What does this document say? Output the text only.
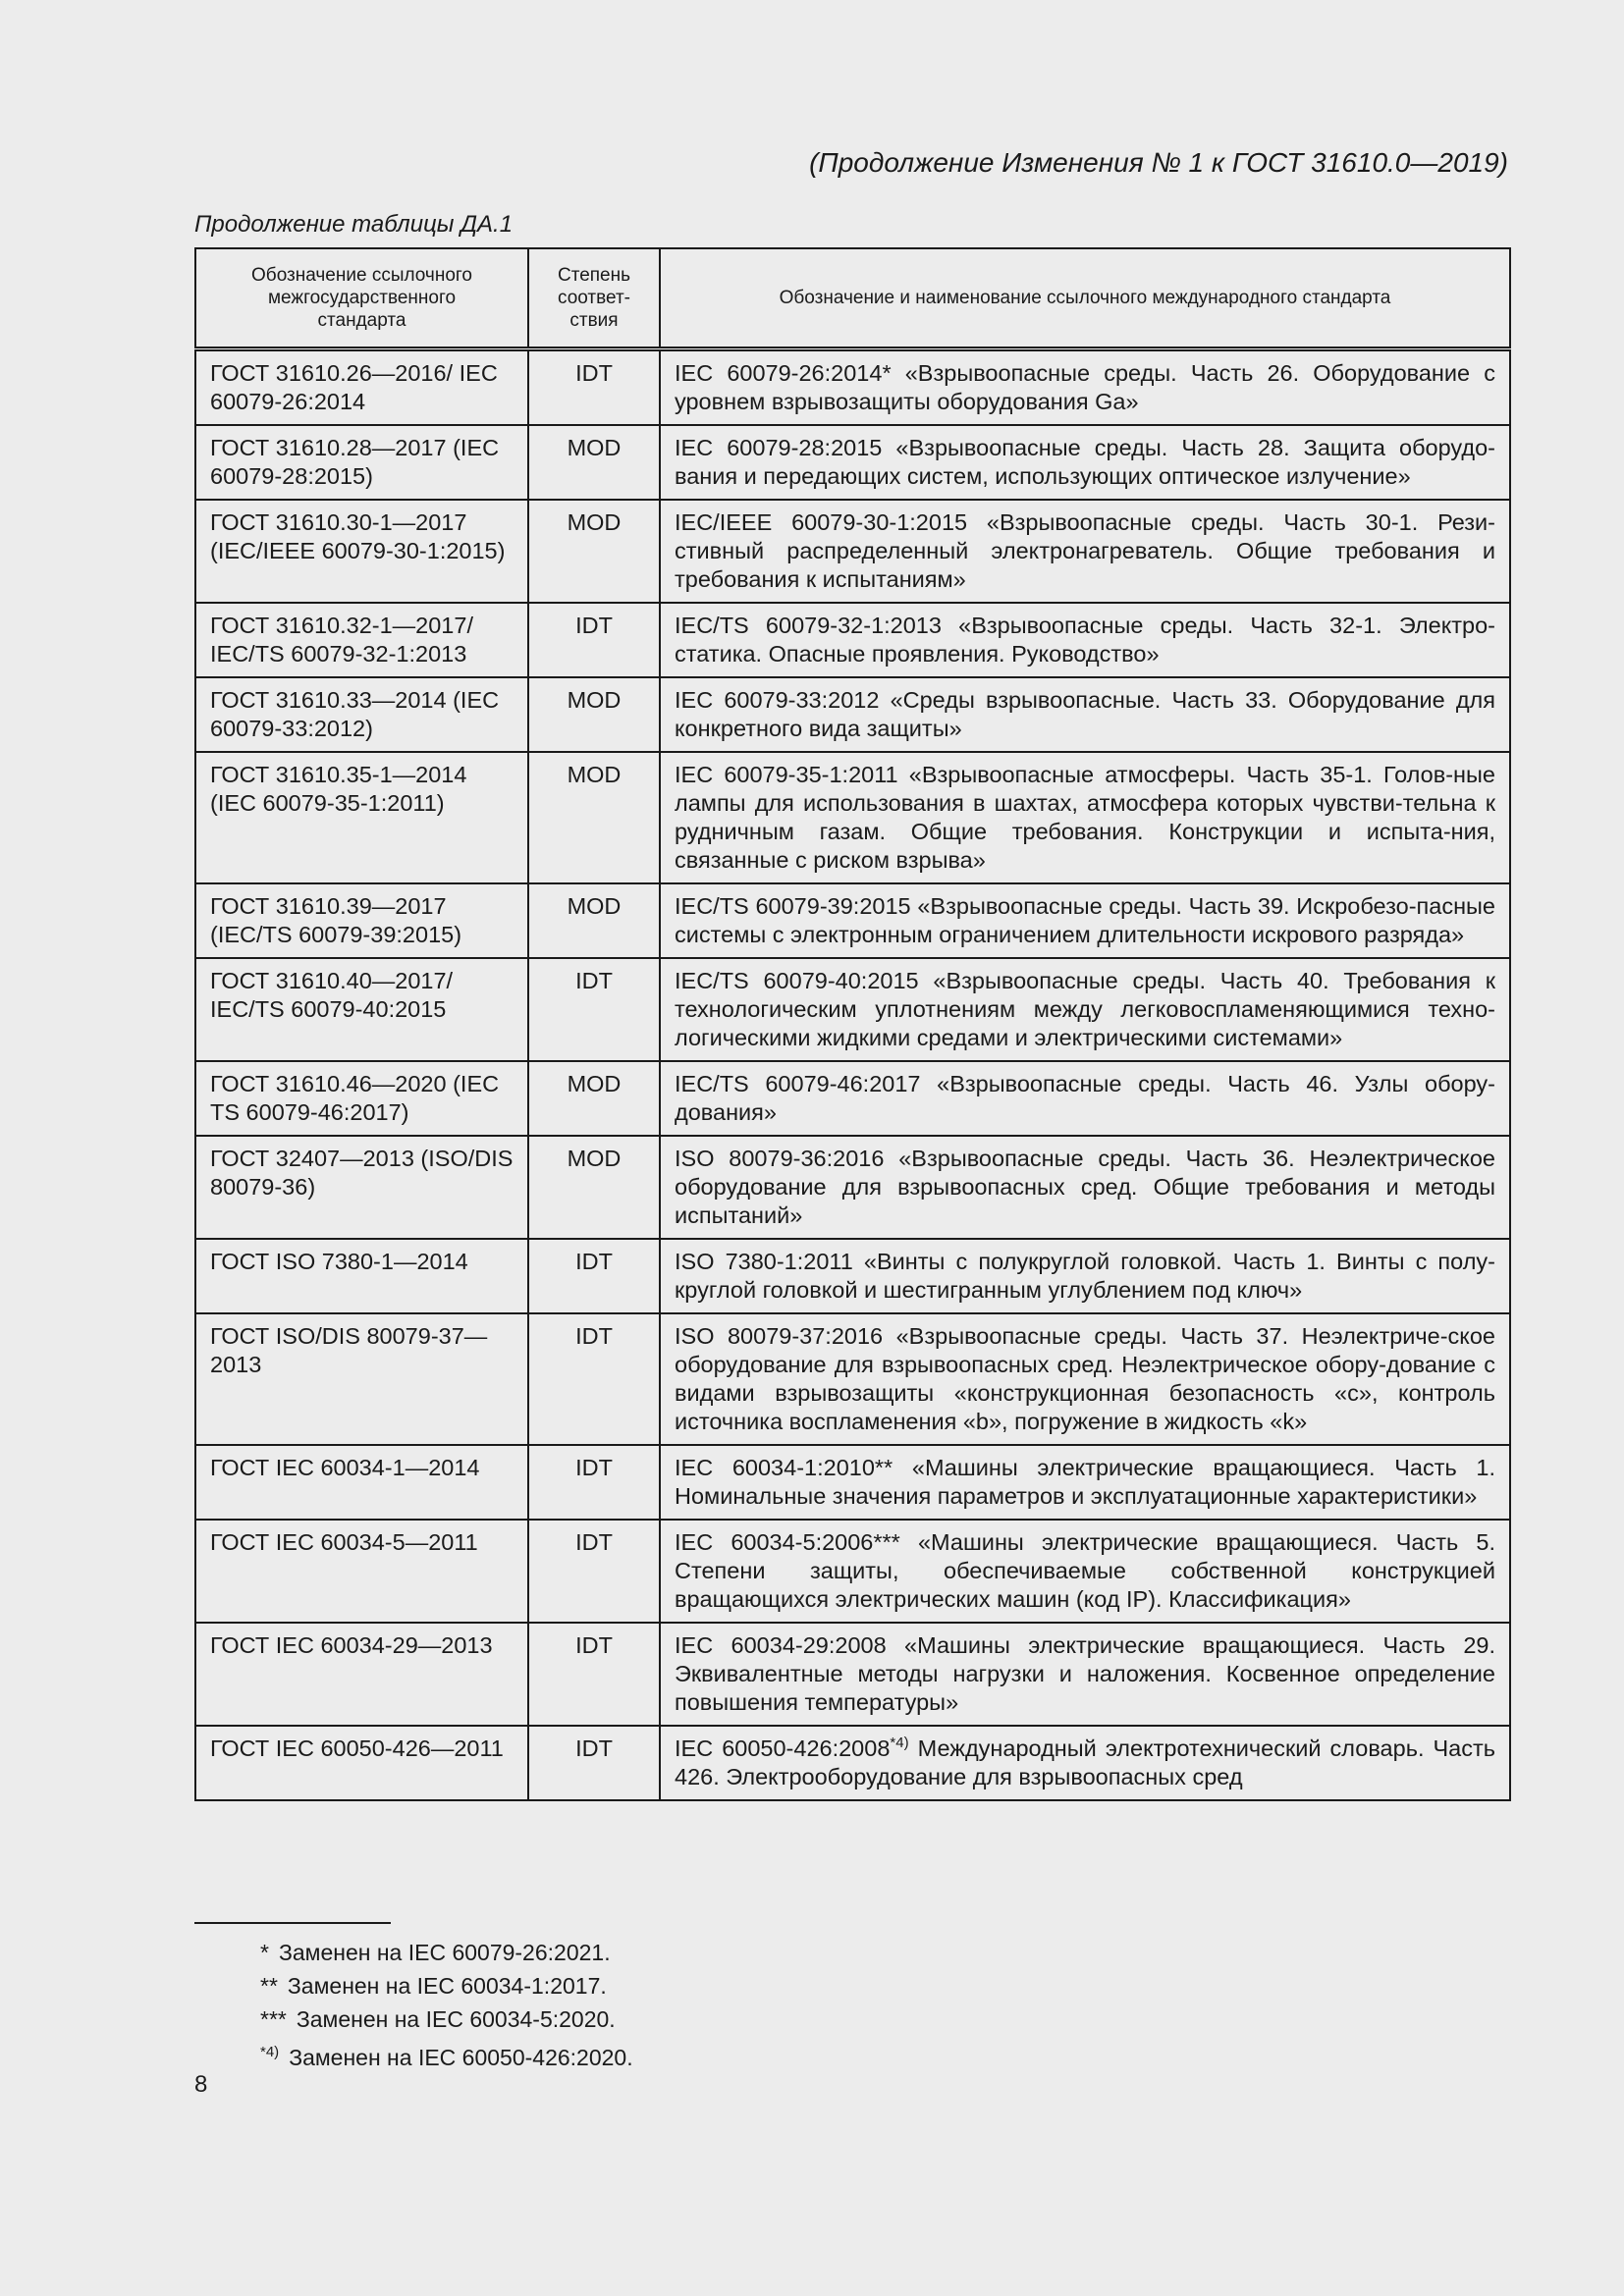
(Продолжение Изменения № 1 к ГОСТ 31610.0—2019)
Продолжение таблицы ДА.1
Обозначение ссылочного межгосударственного стандарта	Степень соответ-ствия	Обозначение и наименование ссылочного международного стандарта
ГОСТ 31610.26—2016/ IEC 60079-26:2014	IDT	IEC 60079-26:2014* «Взрывоопасные среды. Часть 26. Оборудование с уровнем взрывозащиты оборудования Ga»
ГОСТ 31610.28—2017 (IEC 60079-28:2015)	MOD	IEC 60079-28:2015 «Взрывоопасные среды. Часть 28. Защита оборудо-вания и передающих систем, использующих оптическое излучение»
ГОСТ 31610.30-1—2017 (IEC/IEEE 60079-30-1:2015)	MOD	IEC/IEEE 60079-30-1:2015 «Взрывоопасные среды. Часть 30-1. Рези-стивный распределенный электронагреватель. Общие требования и требования к испытаниям»
ГОСТ 31610.32-1—2017/ IEC/TS 60079-32-1:2013	IDT	IEC/TS 60079-32-1:2013 «Взрывоопасные среды. Часть 32-1. Электро-статика. Опасные проявления. Руководство»
ГОСТ 31610.33—2014 (IEC 60079-33:2012)	MOD	IEC 60079-33:2012 «Среды взрывоопасные. Часть 33. Оборудование для конкретного вида защиты»
ГОСТ 31610.35-1—2014 (IEC 60079-35-1:2011)	MOD	IEC 60079-35-1:2011 «Взрывоопасные атмосферы. Часть 35-1. Голов-ные лампы для использования в шахтах, атмосфера которых чувстви-тельна к рудничным газам. Общие требования. Конструкции и испыта-ния, связанные с риском взрыва»
ГОСТ 31610.39—2017 (IEC/TS 60079-39:2015)	MOD	IEC/TS 60079-39:2015 «Взрывоопасные среды. Часть 39. Искробезо-пасные системы с электронным ограничением длительности искрового разряда»
ГОСТ 31610.40—2017/ IEC/TS 60079-40:2015	IDT	IEC/TS 60079-40:2015 «Взрывоопасные среды. Часть 40. Требования к технологическим уплотнениям между легковоспламеняющимися техно-логическими жидкими средами и электрическими системами»
ГОСТ 31610.46—2020 (IEC TS 60079-46:2017)	MOD	IEC/TS 60079-46:2017 «Взрывоопасные среды. Часть 46. Узлы обору-дования»
ГОСТ 32407—2013 (ISO/DIS 80079-36)	MOD	ISO 80079-36:2016 «Взрывоопасные среды. Часть 36. Неэлектрическое оборудование для взрывоопасных сред. Общие требования и методы испытаний»
ГОСТ ISO 7380-1—2014	IDT	ISO 7380-1:2011 «Винты с полукруглой головкой. Часть 1. Винты с полу-круглой головкой и шестигранным углублением под ключ»
ГОСТ ISO/DIS 80079-37—2013	IDT	ISO 80079-37:2016 «Взрывоопасные среды. Часть 37. Неэлектриче-ское оборудование для взрывоопасных сред. Неэлектрическое обору-дование с видами взрывозащиты «конструкционная безопасность «c», контроль источника воспламенения «b», погружение в жидкость «k»
ГОСТ IEC 60034-1—2014	IDT	IEC 60034-1:2010** «Машины электрические вращающиеся. Часть 1. Номинальные значения параметров и эксплуатационные характеристики»
ГОСТ IEC 60034-5—2011	IDT	IEC 60034-5:2006*** «Машины электрические вращающиеся. Часть 5. Степени защиты, обеспечиваемые собственной конструкцией вращающихся электрических машин (код IP). Классификация»
ГОСТ IEC 60034-29—2013	IDT	IEC 60034-29:2008 «Машины электрические вращающиеся. Часть 29. Эквивалентные методы нагрузки и наложения. Косвенное определение повышения температуры»
ГОСТ IEC 60050-426—2011	IDT	IEC 60050-426:2008$^{*4)}$ Международный электротехнический словарь. Часть 426. Электрооборудование для взрывоопасных сред
* Заменен на IEC 60079-26:2021.
** Заменен на IEC 60034-1:2017.
*** Заменен на IEC 60034-5:2020.
$^{*4)}$ Заменен на IEC 60050-426:2020.
8
